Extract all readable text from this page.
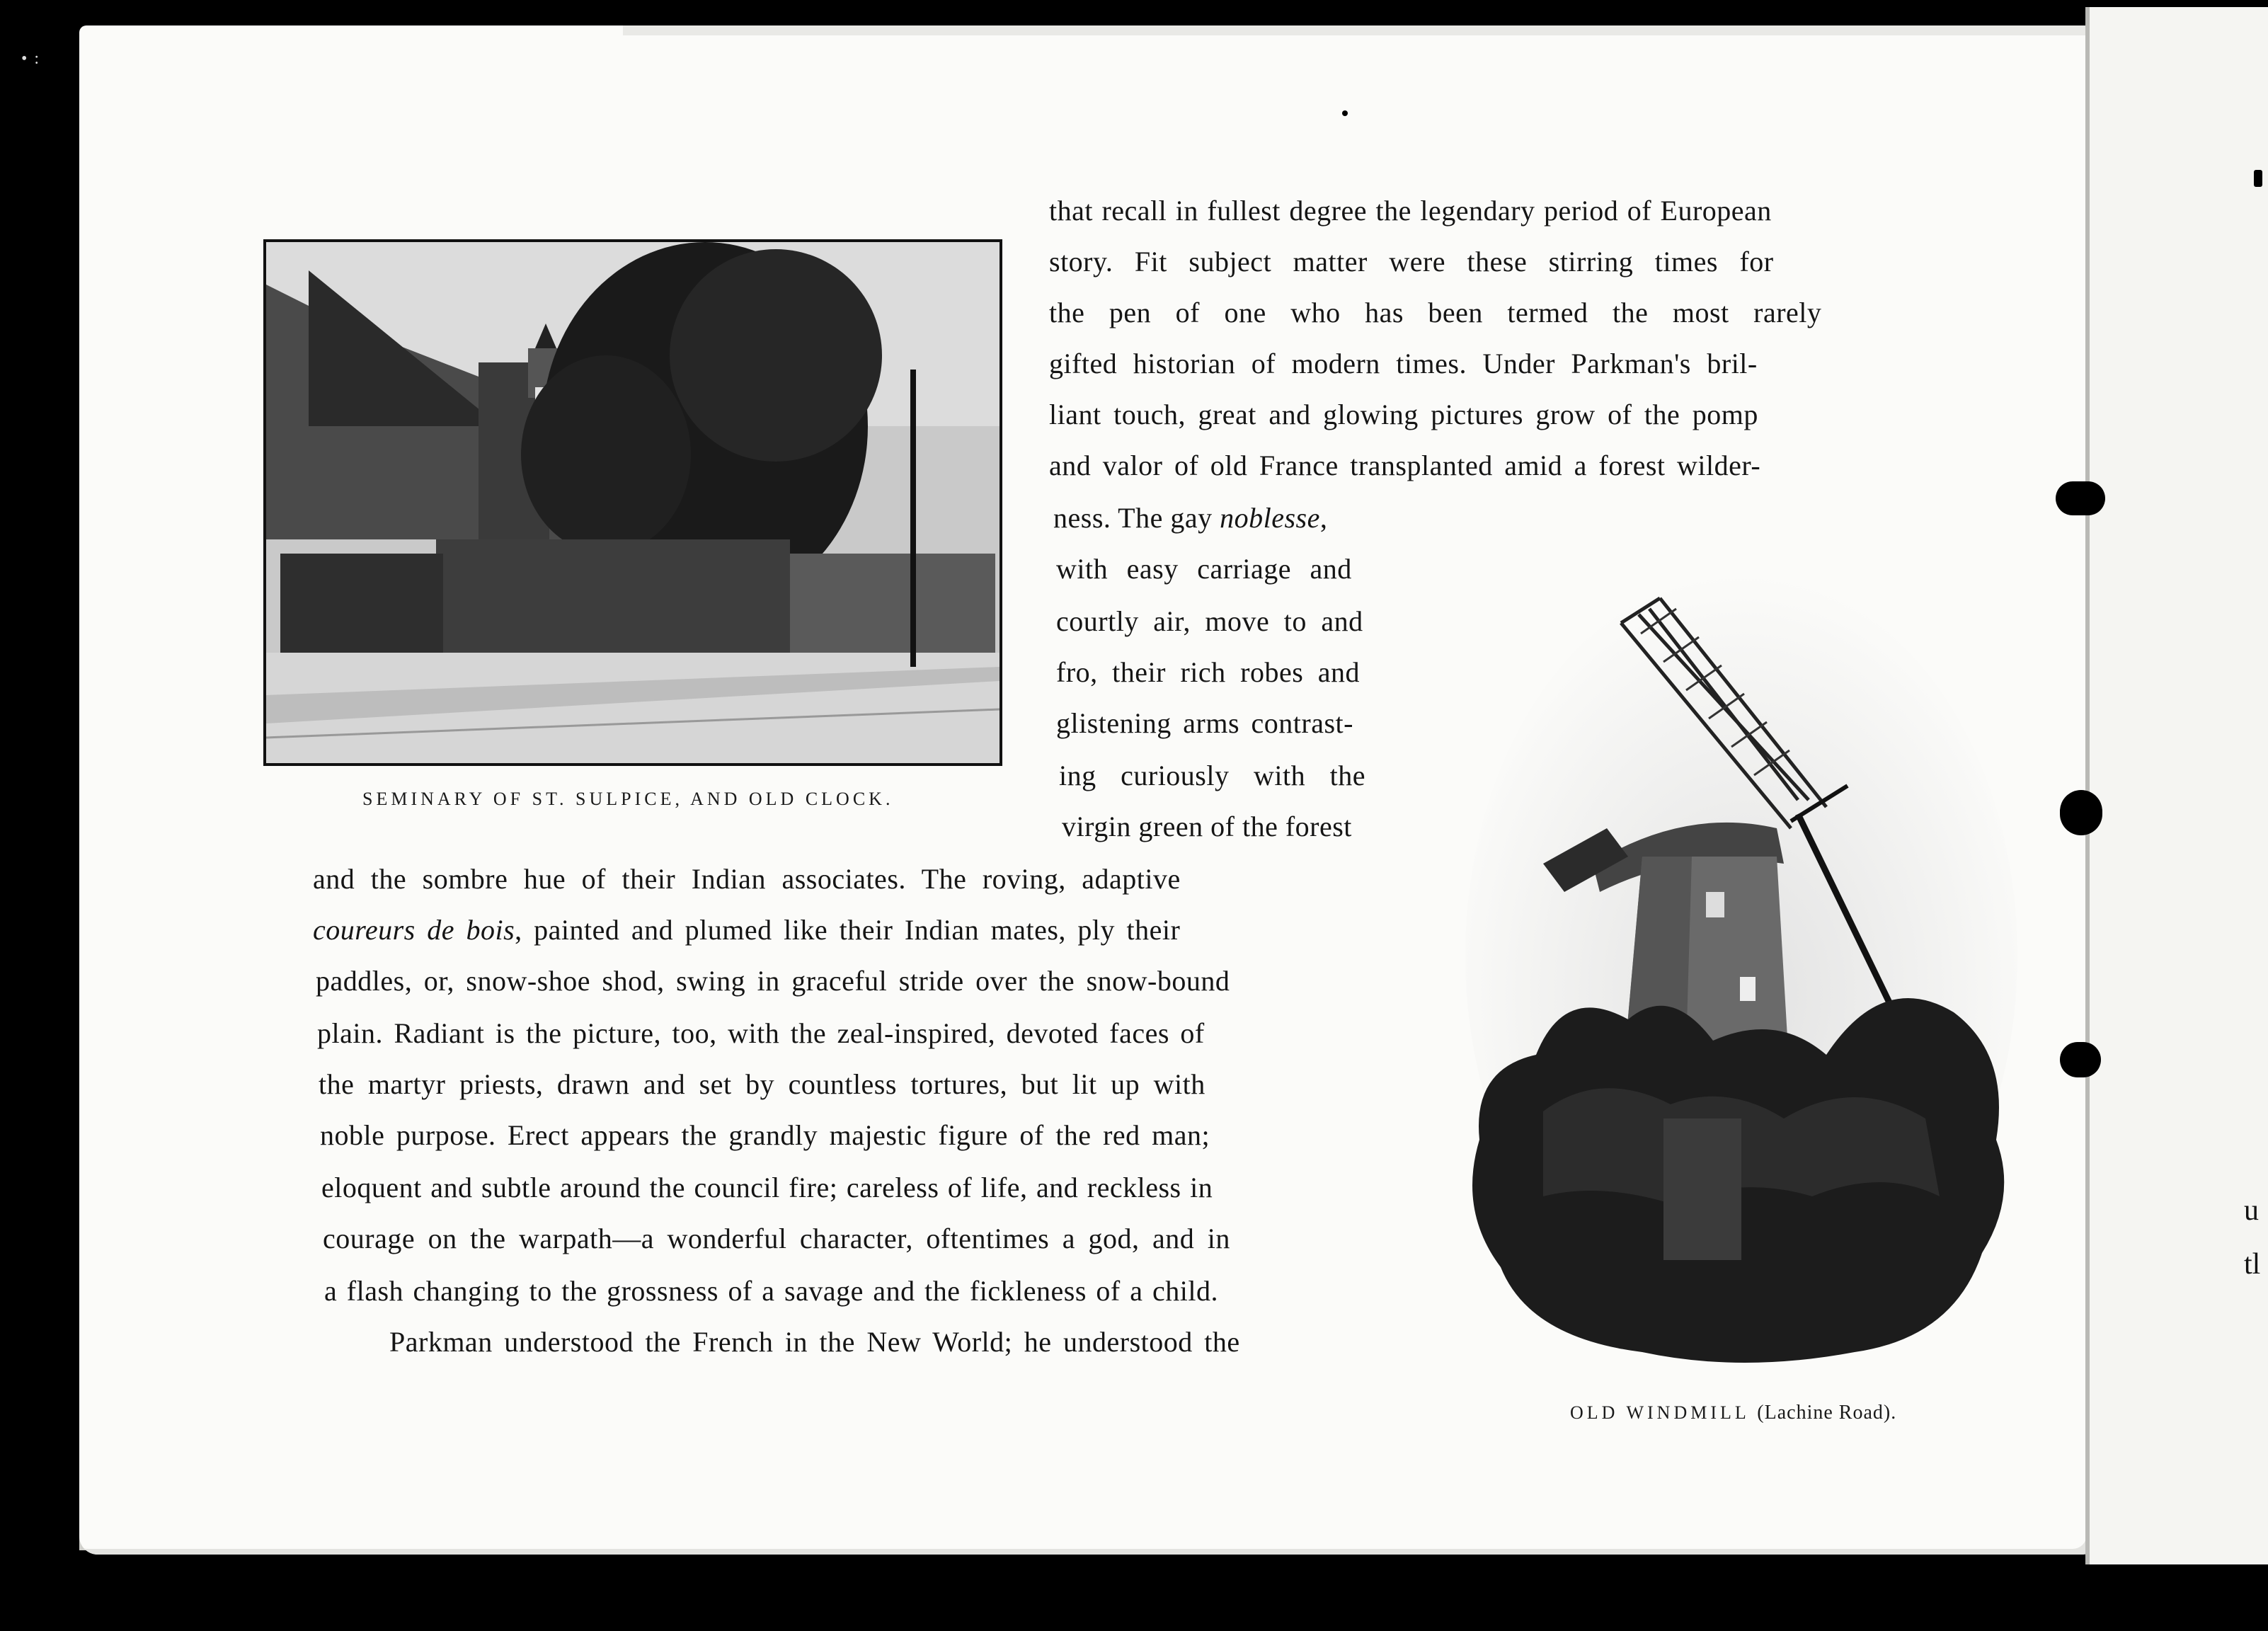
• :
u
tl
SEMINARY OF ST. SULPICE, AND OLD CLOCK.
OLD WINDMILL (Lachine Road).
that recall in fullest degree the legendary period of European
story. Fit subject matter were these stirring times for
the pen of one who has been termed the most rarely
gifted historian of modern times. Under Parkman's bril-
liant touch, great and glowing pictures grow of the pomp
and valor of old France transplanted amid a forest wilder-
ness. The gay noblesse,
with easy carriage and
courtly air, move to and
fro, their rich robes and
glistening arms contrast-
ing curiously with the
virgin green of the forest
and the sombre hue of their Indian associates. The roving, adaptive
coureurs de bois, painted and plumed like their Indian mates, ply their
paddles, or, snow-shoe shod, swing in graceful stride over the snow-bound
plain. Radiant is the picture, too, with the zeal-inspired, devoted faces of
the martyr priests, drawn and set by countless tortures, but lit up with
noble purpose. Erect appears the grandly majestic figure of the red man;
eloquent and subtle around the council fire; careless of life, and reckless in
courage on the warpath—a wonderful character, oftentimes a god, and in
a flash changing to the grossness of a savage and the fickleness of a child.
Parkman understood the French in the New World; he understood the
